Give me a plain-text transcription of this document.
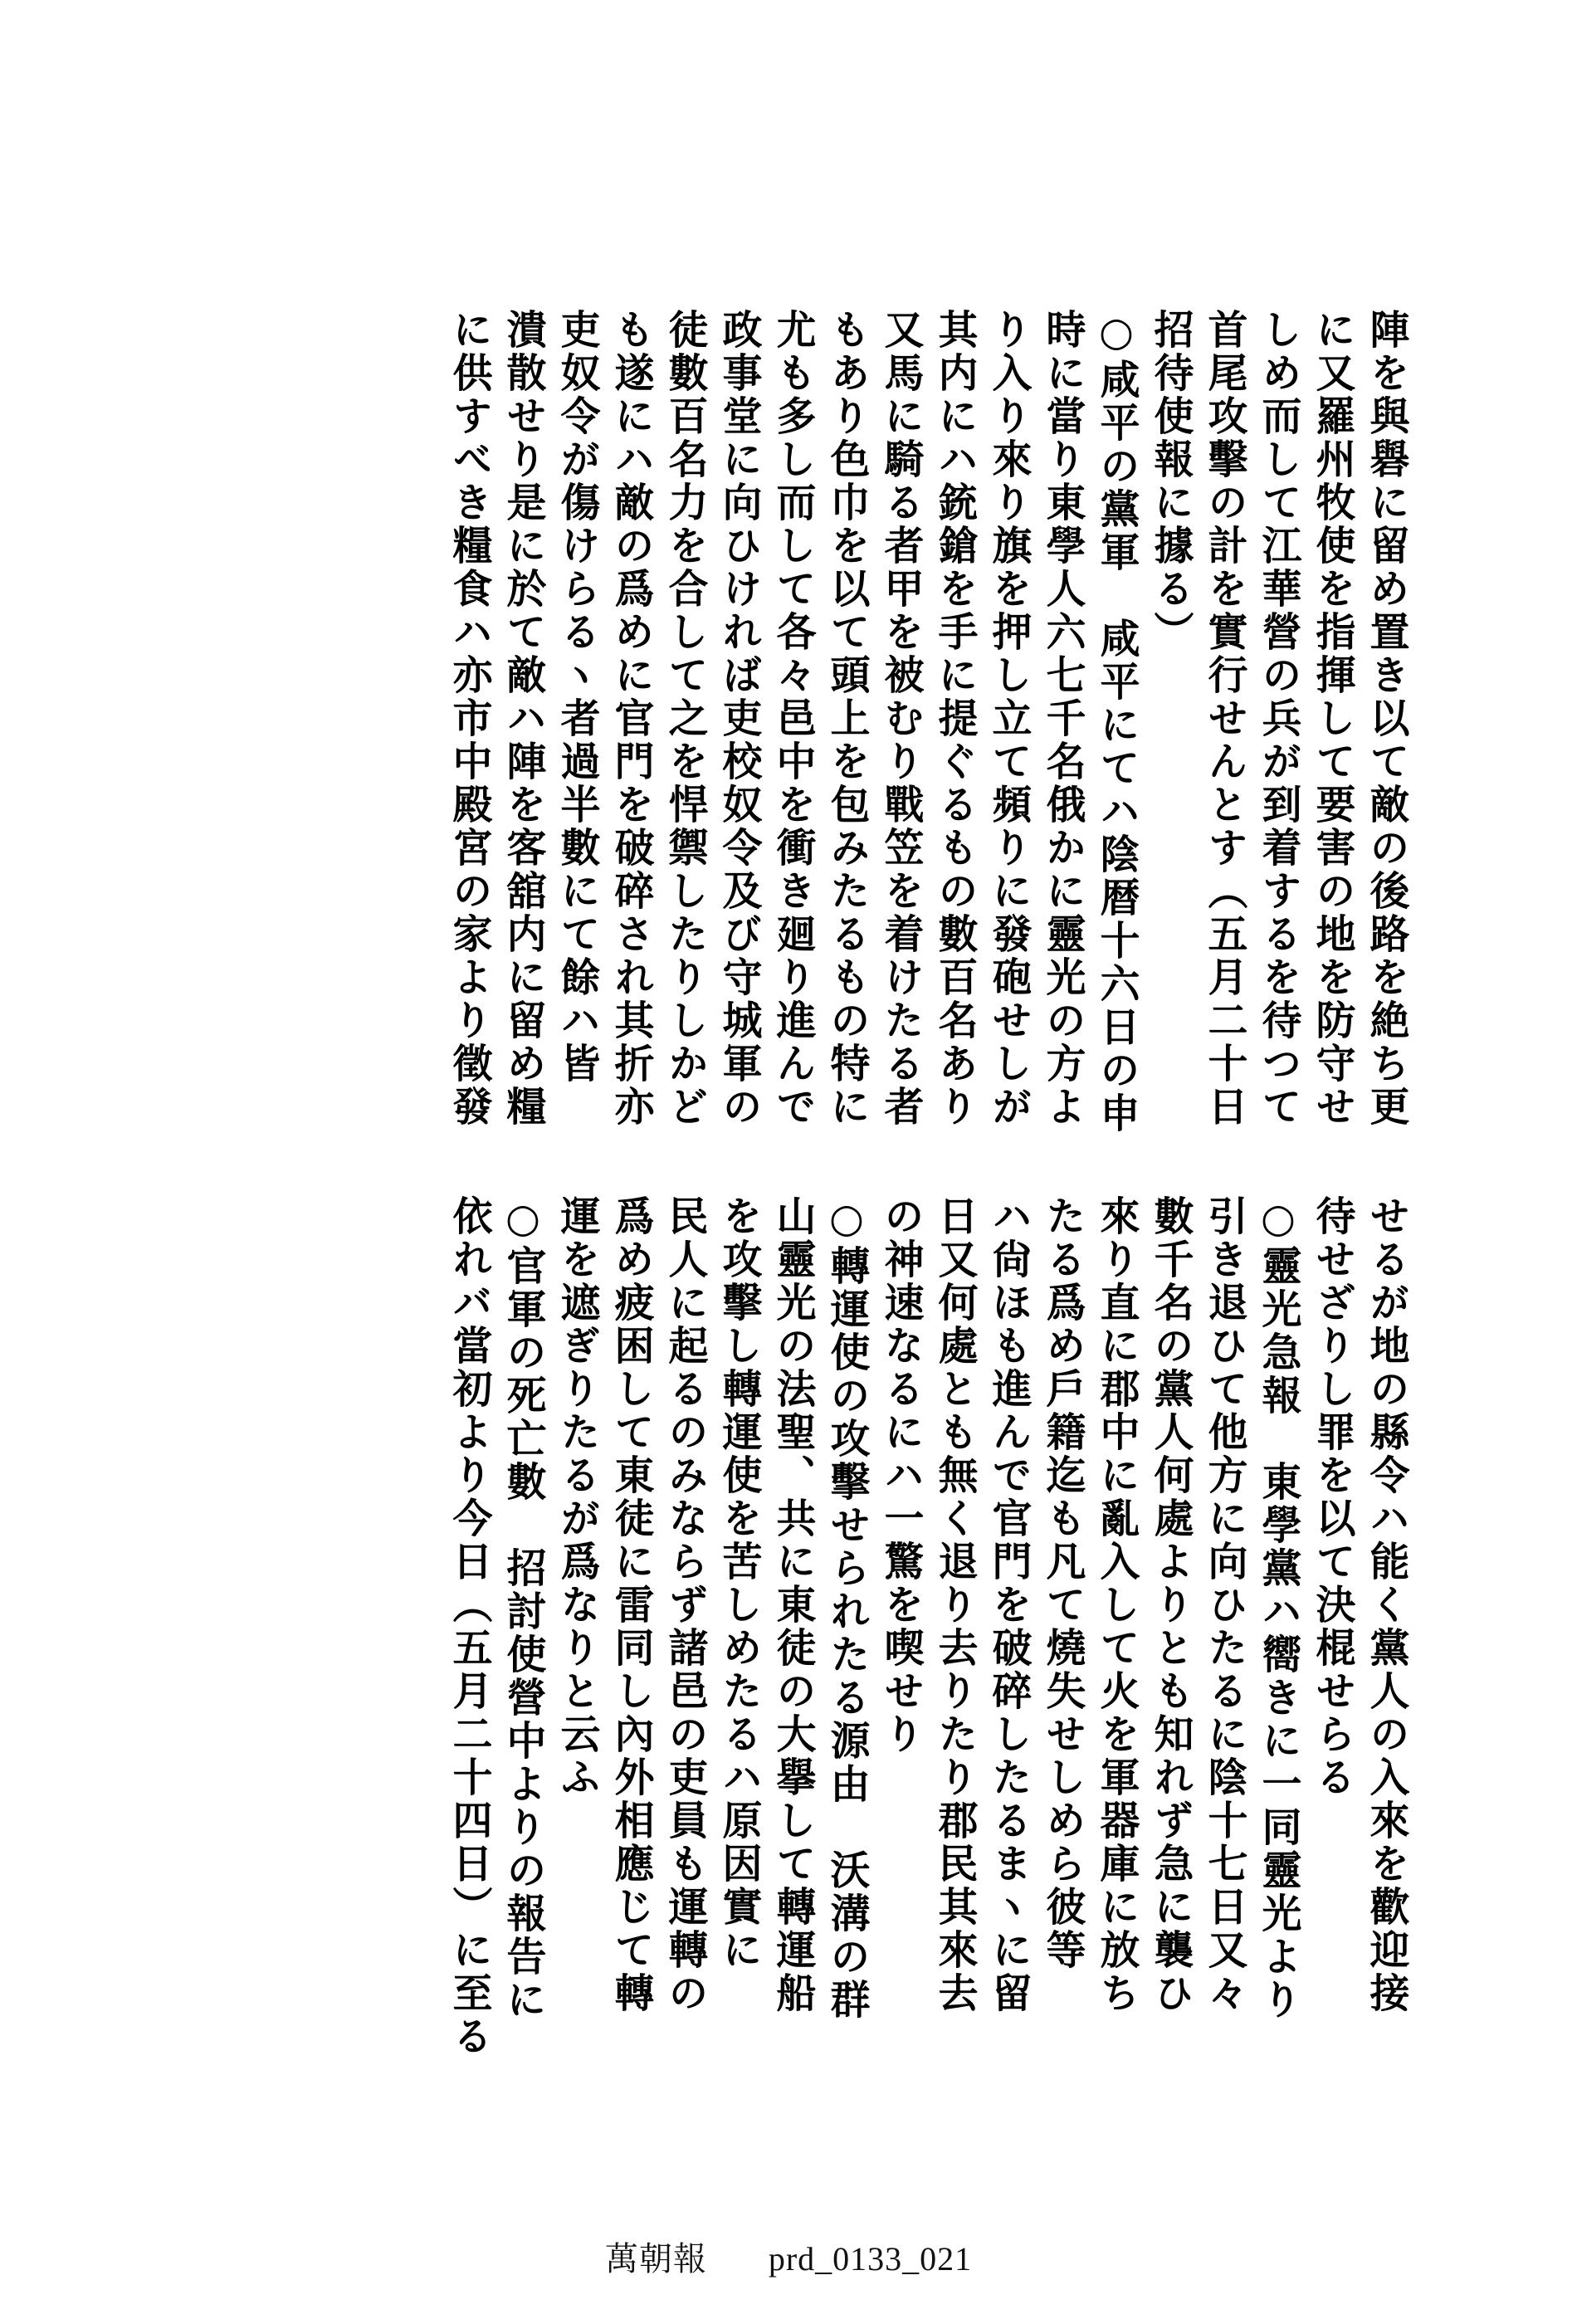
陣を與礜に留め置き以て敵の後路を絶ち更
に又羅州牧使を指揮して要害の地を防守せ
しめ而して江華營の兵が到着するを待つて
首尾攻擊の計を實行せんとす（五月二十日
招待使報に據る）
○咸平の黨軍　咸平にてハ陰暦十六日の申
時に當り東學人六七千名俄かに靈光の方よ
り入り來り旗を押し立て頻りに發砲せしが
其内にハ銃鎗を手に提ぐるもの數百名あり
又馬に騎る者甲を被むり戰笠を着けたる者
もあり色巾を以て頭上を包みたるもの特に
尤も多し而して各々邑中を衝き廻り進んで
政事堂に向ひければ吏校奴令及び守城軍の
徒數百名力を合して之を悍禦したりしかど
も遂にハ敵の爲めに官門を破碎され其折亦
吏奴令が傷けらるヽ者過半數にて餘ハ皆
潰散せり是に於て敵ハ陣を客舘内に留め糧
に供すべき糧食ハ亦市中殿宮の家より徵發
せるが地の縣令ハ能く黨人の入來を歡迎接
待せざりし罪を以て決棍せらる
○靈光急報　東學黨ハ嚮きに一同靈光より
引き退ひて他方に向ひたるに陰十七日又々
數千名の黨人何處よりとも知れず急に襲ひ
來り直に郡中に亂入して火を軍器庫に放ち
たる爲め戶籍迄も凡て燒失せしめら彼等
ハ尙ほも進んで官門を破碎したるまヽに留
日又何處とも無く退り去りたり郡民其來去
の神速なるにハ一驚を喫せり
○轉運使の攻擊せられたる源由　沃溝の群
山靈光の法聖、共に東徒の大擧して轉運船
を攻擊し轉運使を苦しめたるハ原因實に
民人に起るのみならず諸邑の吏員も運轉の
爲め疲困して東徒に雷同し內外相應じて轉
運を遮ぎりたるが爲なりと云ふ
○官軍の死亡數　招討使營中よりの報告に
依れバ當初より今日（五月二十四日）に至る
萬朝報 prd_0133_021
